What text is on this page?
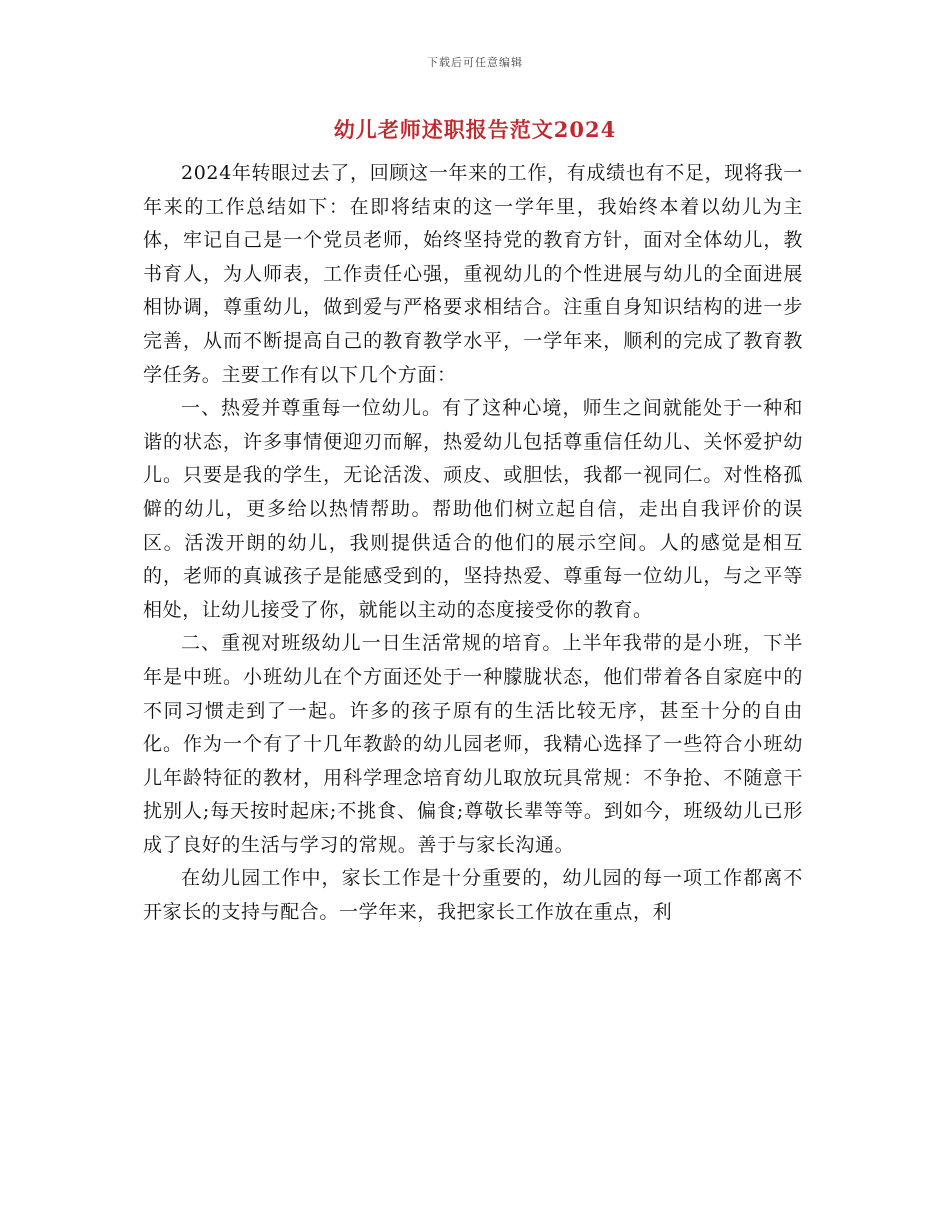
下载后可任意编辑
幼儿老师述职报告范文2024

2024年转眼过去了，回顾这一年来的工作，有成绩也有不足，现将我一年来的工作总结如下：在即将结束的这一学年里，我始终本着以幼儿为主体，牢记自己是一个党员老师，始终坚持党的教育方针，面对全体幼儿，教书育人，为人师表，工作责任心强，重视幼儿的个性进展与幼儿的全面进展相协调，尊重幼儿，做到爱与严格要求相结合。注重自身知识结构的进一步完善，从而不断提高自己的教育教学水平，一学年来，顺利的完成了教育教学任务。主要工作有以下几个方面：

一、热爱并尊重每一位幼儿。有了这种心境，师生之间就能处于一种和谐的状态，许多事情便迎刃而解，热爱幼儿包括尊重信任幼儿、关怀爱护幼儿。只要是我的学生，无论活泼、顽皮、或胆怯，我都一视同仁。对性格孤僻的幼儿，更多给以热情帮助。帮助他们树立起自信，走出自我评价的误区。活泼开朗的幼儿，我则提供适合的他们的展示空间。人的感觉是相互的，老师的真诚孩子是能感受到的，坚持热爱、尊重每一位幼儿，与之平等相处，让幼儿接受了你，就能以主动的态度接受你的教育。

二、重视对班级幼儿一日生活常规的培育。上半年我带的是小班，下半年是中班。小班幼儿在个方面还处于一种朦胧状态，他们带着各自家庭中的不同习惯走到了一起。许多的孩子原有的生活比较无序，甚至十分的自由化。作为一个有了十几年教龄的幼儿园老师，我精心选择了一些符合小班幼儿年龄特征的教材，用科学理念培育幼儿取放玩具常规：不争抢、不随意干扰别人;每天按时起床;不挑食、偏食;尊敬长辈等等。到如今，班级幼儿已形成了良好的生活与学习的常规。善于与家长沟通。

在幼儿园工作中，家长工作是十分重要的，幼儿园的每一项工作都离不开家长的支持与配合。一学年来，我把家长工作放在重点，利
